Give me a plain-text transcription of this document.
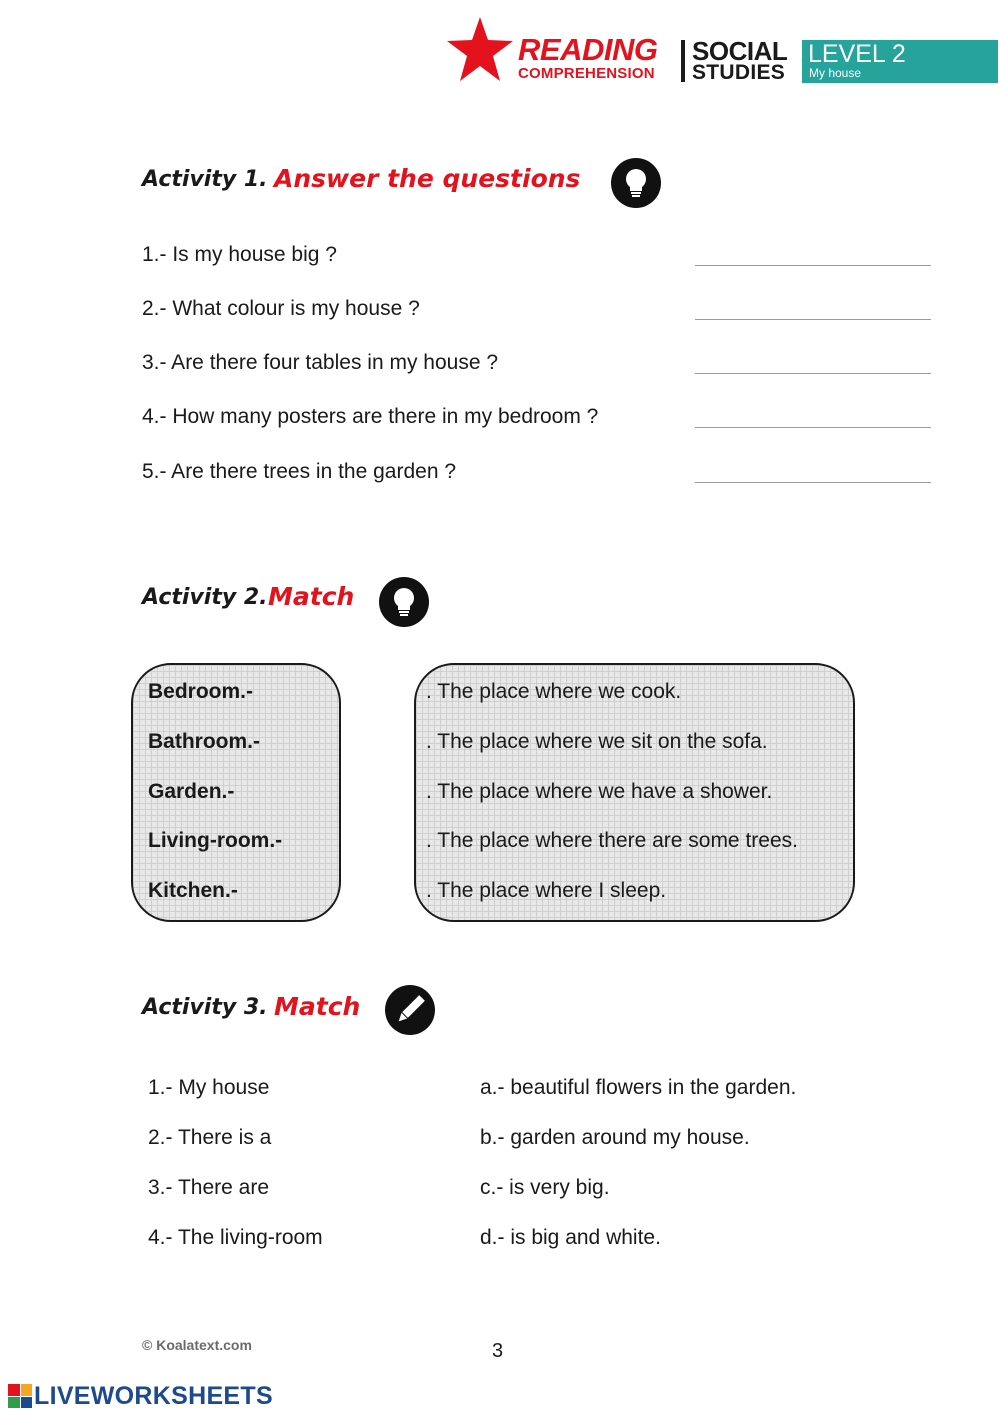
READING
COMPREHENSION
SOCIAL
STUDIES
LEVEL 2
My house
Activity 1. Answer the questions
1.- Is my house big ?
2.- What colour is my house ?
3.- Are there four tables in my house ?
4.- How many posters are there in my bedroom ?
5.- Are there trees in the garden ?
Activity 2. Match
Bedroom.-
Bathroom.-
Garden.-
Living-room.-
Kitchen.-
. The place where we cook.
. The place where we sit on the sofa.
. The place where we have a shower.
. The place where there are some trees.
. The place where I sleep.
Activity 3. Match
1.- My house
2.- There is a
3.- There are
4.- The living-room
a.- beautiful flowers in the garden.
b.- garden around my house.
c.- is very big.
d.- is big and white.
© Koalatext.com	3
LIVEWORKSHEETS
